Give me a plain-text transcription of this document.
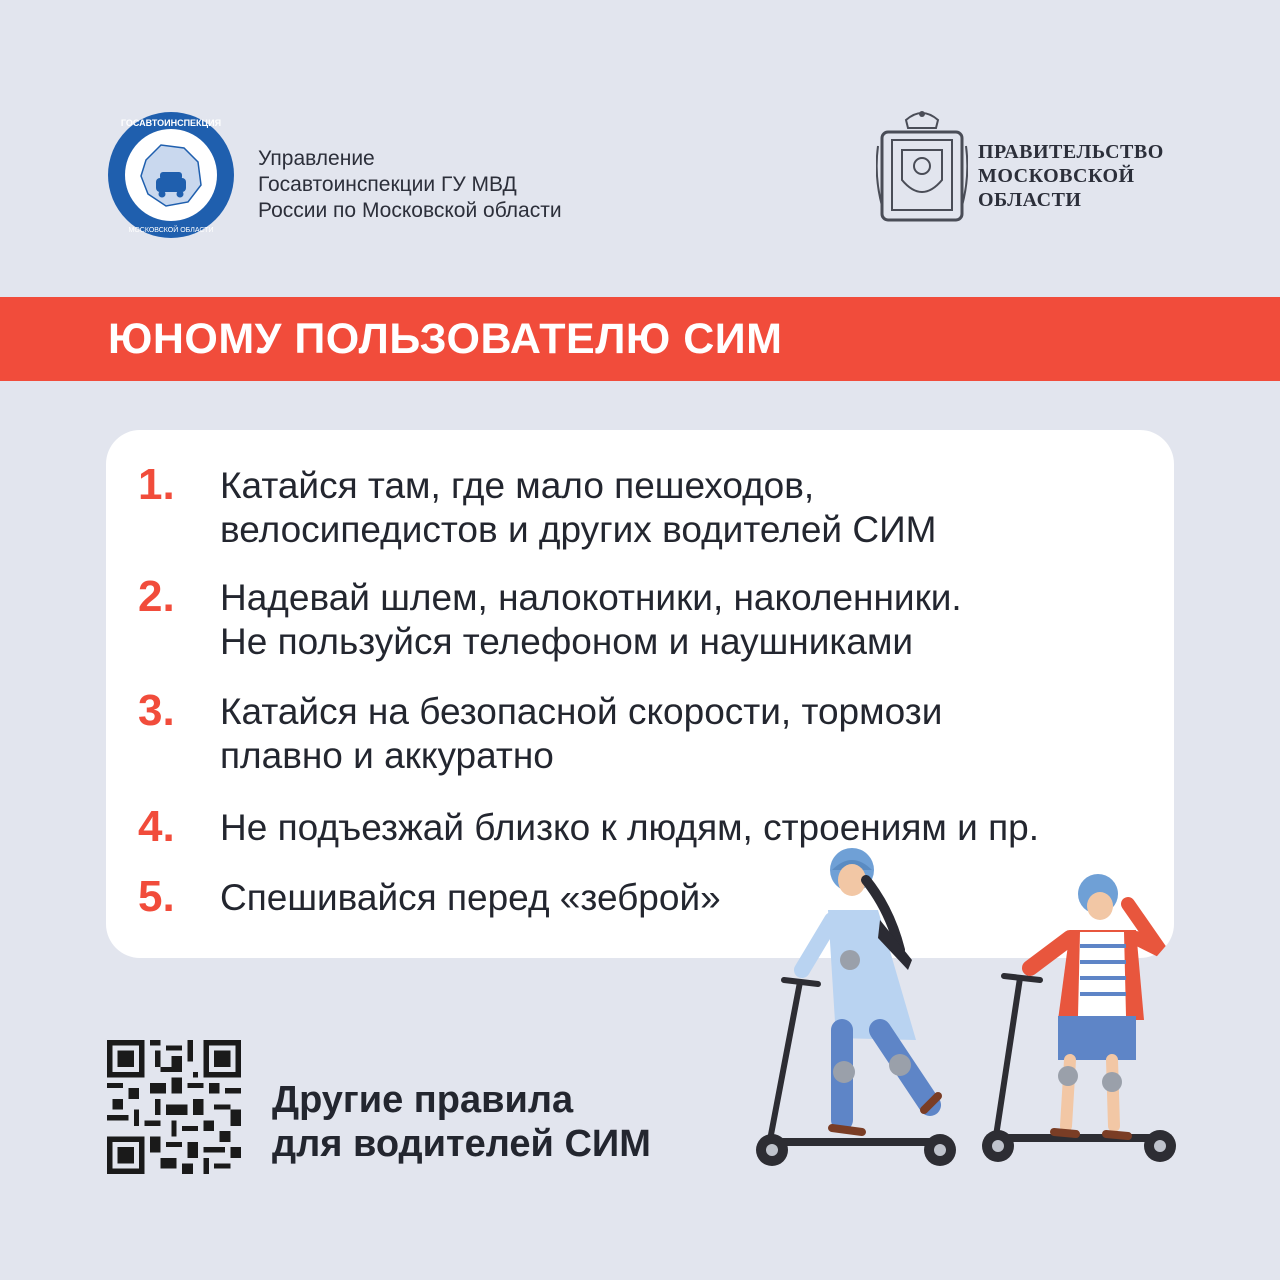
ГОСАВТОИНСПЕКЦИЯ
МОСКОВСКОЙ ОБЛАСТИ
Управление
Госавтоинспекции ГУ МВД
России по Московской области
ПРАВИТЕЛЬСТВО
МОСКОВСКОЙ
ОБЛАСТИ
ЮНОМУ ПОЛЬЗОВАТЕЛЮ СИМ
1. Катайся там, где мало пешеходов,
велосипедистов и других водителей СИМ
2. Надевай шлем, налокотники, наколенники.
Не пользуйся телефоном и наушниками
3. Катайся на безопасной скорости, тормози
плавно и аккуратно
4. Не подъезжай близко к людям, строениям и пр.
5. Спешивайся перед «зеброй»
Другие правила
для водителей СИМ
